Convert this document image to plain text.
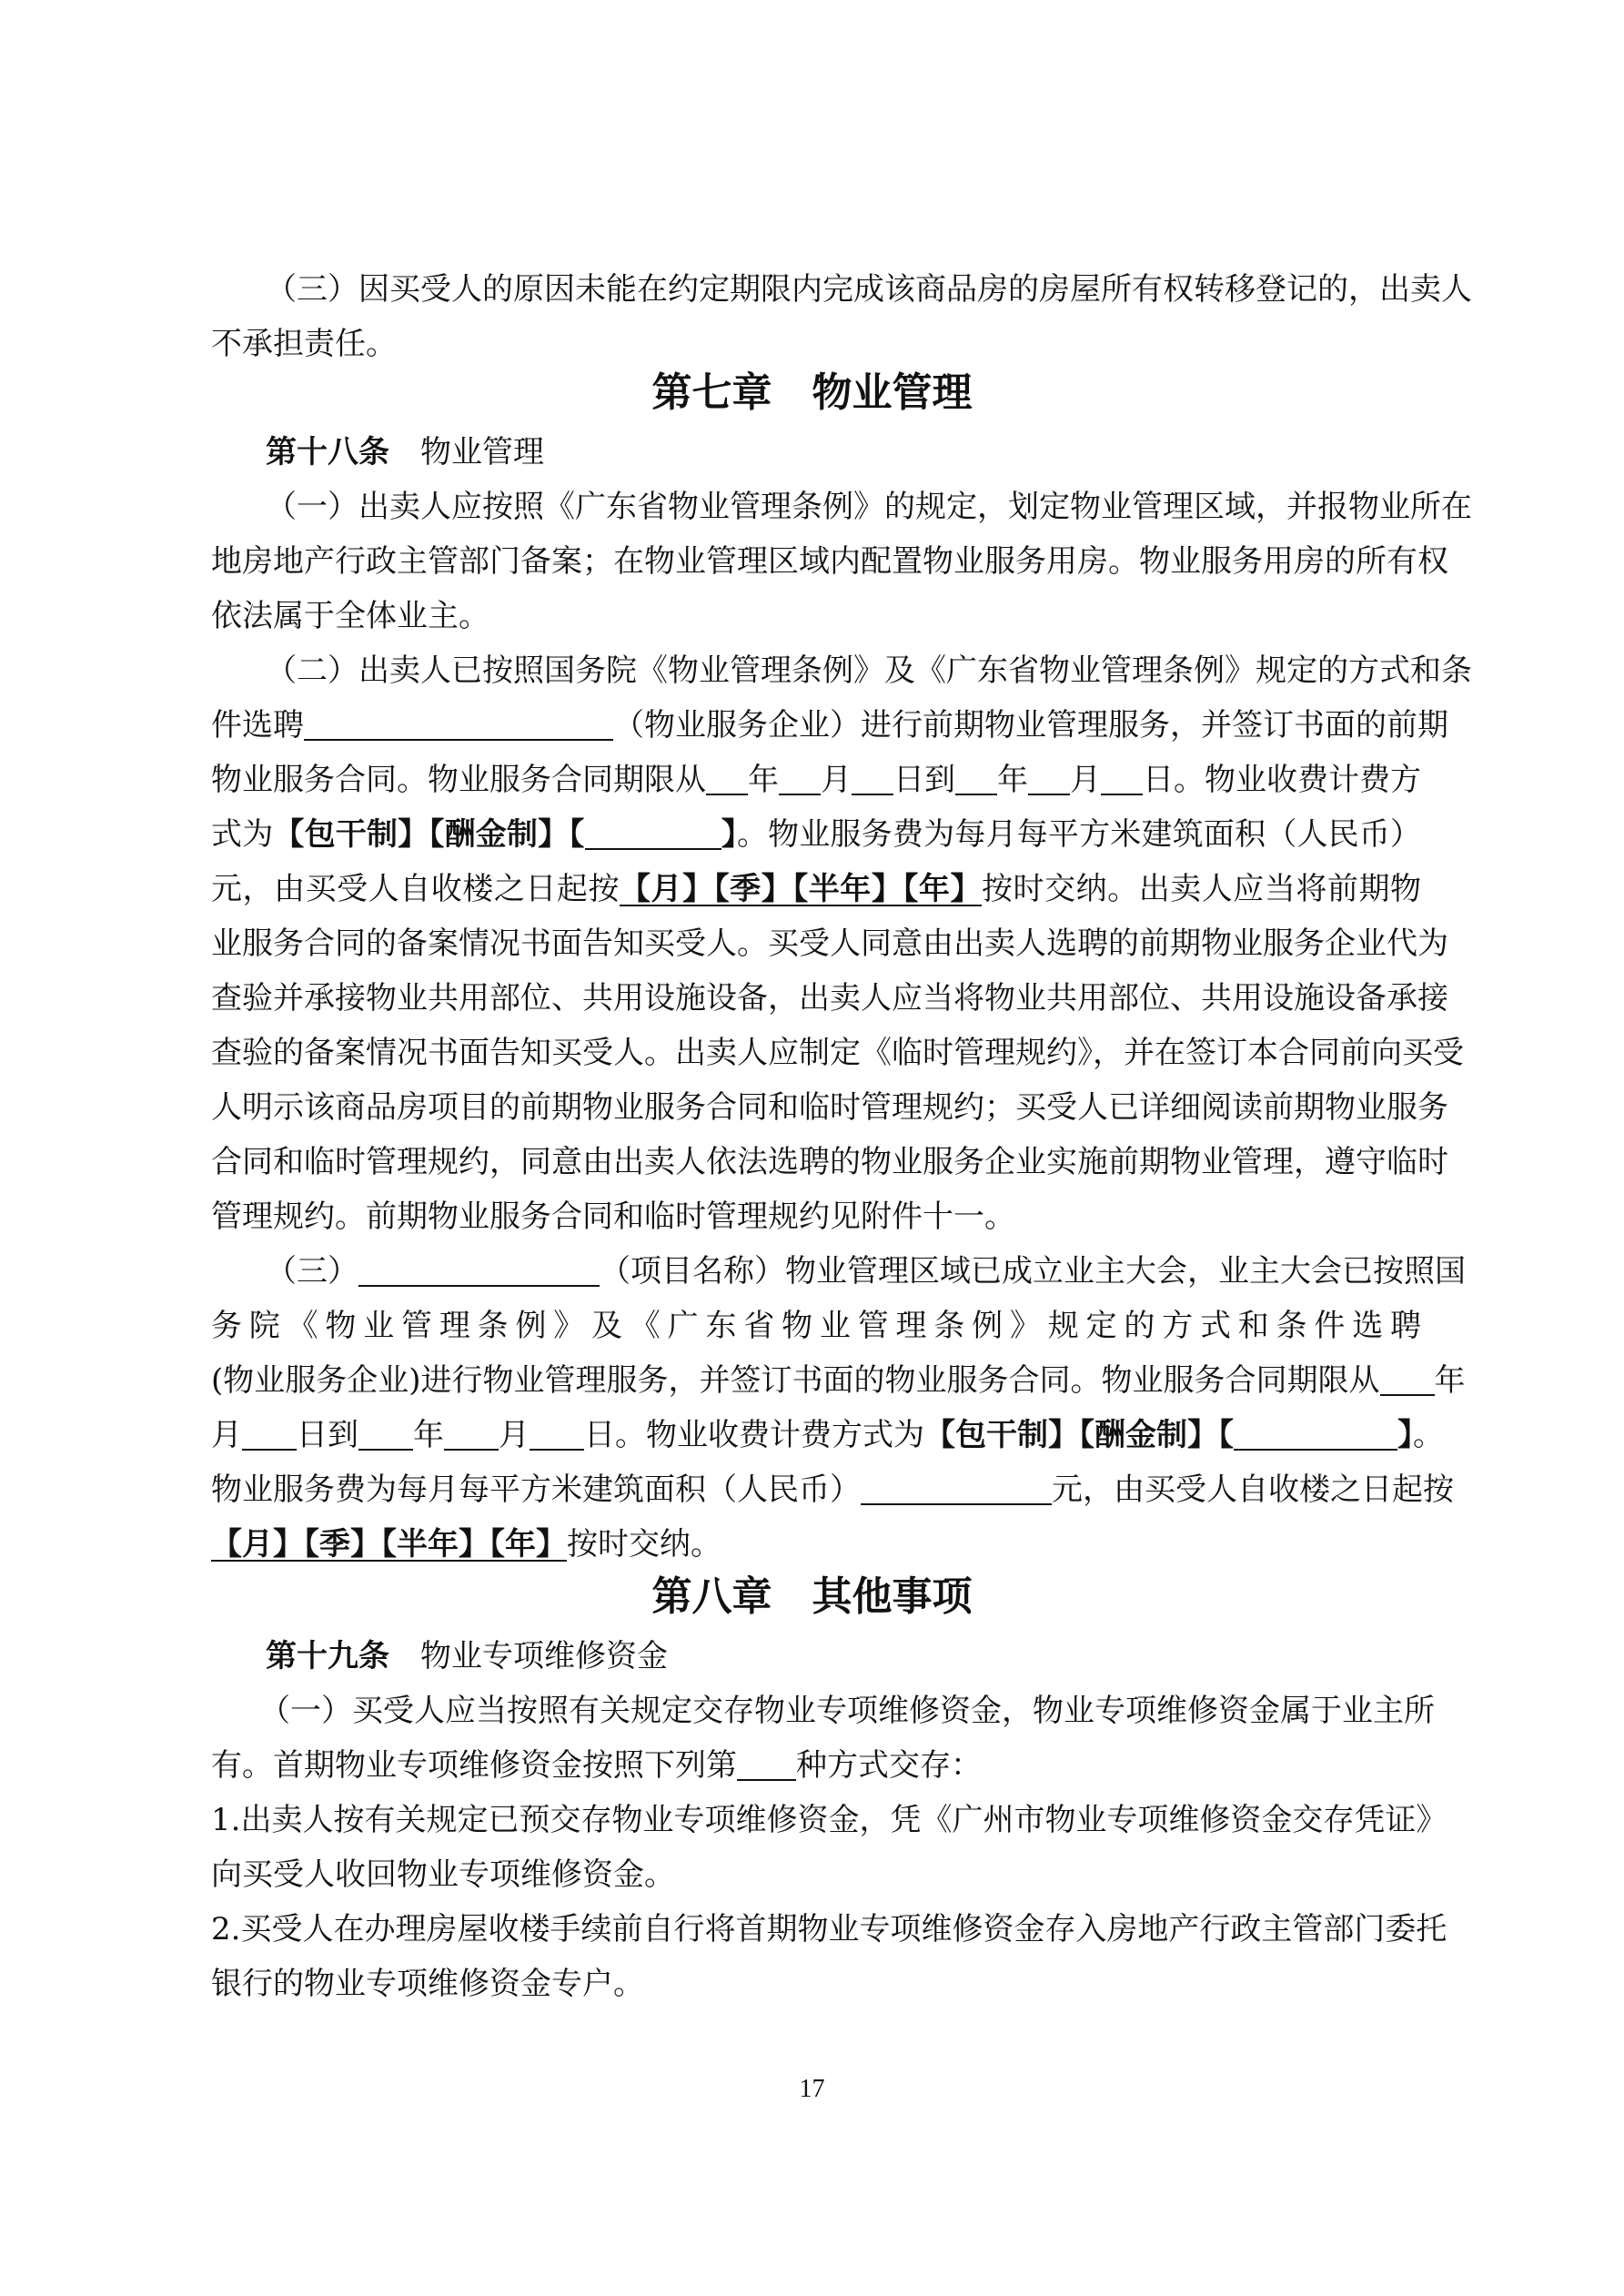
（三）因买受人的原因未能在约定期限内完成该商品房的房屋所有权转移登记的，出卖人
不承担责任。
第七章 物业管理
第十八条 物业管理
（一）出卖人应按照《广东省物业管理条例》的规定，划定物业管理区域，并报物业所在
地房地产行政主管部门备案；在物业管理区域内配置物业服务用房。物业服务用房的所有权
依法属于全体业主。
（二）出卖人已按照国务院《物业管理条例》及《广东省物业管理条例》规定的方式和条
件选聘	（物业服务企业）进行前期物业管理服务，并签订书面的前期
物业服务合同。物业服务合同期限从 年 月 日到 年 月 日。物业收费计费方
式为【包干制】【酬金制】【	】。物业服务费为每月每平方米建筑面积（人民币）
元，由买受人自收楼之日起按【月】【季】【半年】【年】按时交纳。出卖人应当将前期物
业服务合同的备案情况书面告知买受人。买受人同意由出卖人选聘的前期物业服务企业代为
查验并承接物业共用部位、共用设施设备，出卖人应当将物业共用部位、共用设施设备承接
查验的备案情况书面告知买受人。出卖人应制定《临时管理规约》，并在签订本合同前向买受
人明示该商品房项目的前期物业服务合同和临时管理规约；买受人已详细阅读前期物业服务
合同和临时管理规约，同意由出卖人依法选聘的物业服务企业实施前期物业管理，遵守临时
管理规约。前期物业服务合同和临时管理规约见附件十一。
（三）	（项目名称）物业管理区域已成立业主大会，业主大会已按照国
务院《物业管理条例》及《广东省物业管理条例》规定的方式和条件选聘
(物业服务企业)进行物业管理服务，并签订书面的物业服务合同。物业服务合同期限从 年
月 日到 年 月 日。物业收费计费方式为【包干制】【酬金制】【	】。
物业服务费为每月每平方米建筑面积（人民币）	元，由买受人自收楼之日起按
【月】【季】【半年】【年】按时交纳。
第八章 其他事项
第十九条 物业专项维修资金
（一）买受人应当按照有关规定交存物业专项维修资金，物业专项维修资金属于业主所
有。首期物业专项维修资金按照下列第 种方式交存：
1.出卖人按有关规定已预交存物业专项维修资金，凭《广州市物业专项维修资金交存凭证》
向买受人收回物业专项维修资金。
2.买受人在办理房屋收楼手续前自行将首期物业专项维修资金存入房地产行政主管部门委托
银行的物业专项维修资金专户。
17
